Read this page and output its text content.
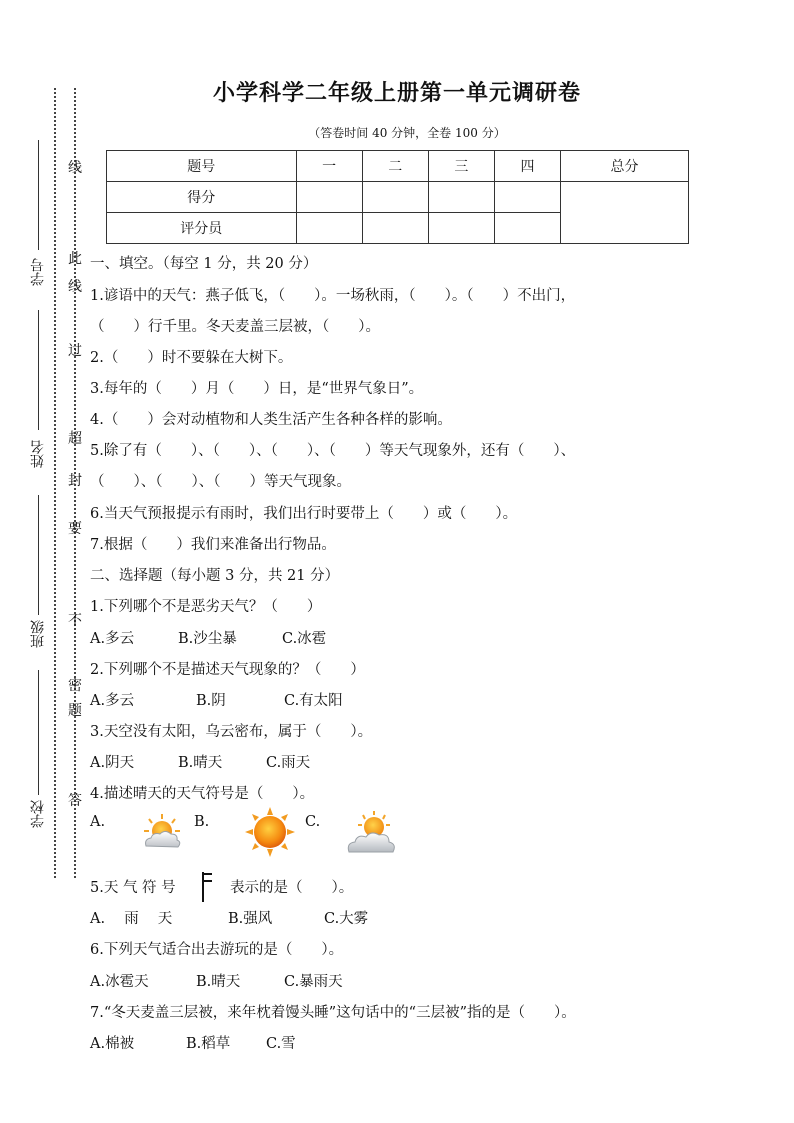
学号
姓名
班级
学校
线
此
线
过
超
封
要
不
密
题
答
小学科学二年级上册第一单元调研卷
（答卷时间 40 分钟，全卷 100 分）
题号	一	二	三	四	总分
得分					
评分员					
一、填空。（每空 1 分，共 20 分）
1.谚语中的天气：燕子低飞，（　　）。一场秋雨，（　　）。（　　）不出门，
（　　）行千里。冬天麦盖三层被，（　　）。
2.（　　）时不要躲在大树下。
3.每年的（　　）月（　　）日，是“世界气象日”。
4.（　　）会对动植物和人类生活产生各种各样的影响。
5.除了有（　　）、（　　）、（　　）、（　　）等天气现象外，还有（　　）、
（　　）、（　　）、（　　）等天气现象。
6.当天气预报提示有雨时，我们出行时要带上（　　）或（　　）。
7.根据（　　）我们来准备出行物品。
二、选择题（每小题 3 分，共 21 分）
1.下列哪个不是恶劣天气？（　　）
A.多云	B.沙尘暴	C.冰雹
2.下列哪个不是描述天气现象的？（　　）
A.多云	B.阴	C.有太阳
3.天空没有太阳，乌云密布，属于（　　）。
A.阴天	B.晴天	C.雨天
4.描述晴天的天气符号是（　　）。
A.	B.	C.
5.天 气 符 号	表示的是（　　）。
A.　 雨　 天	B.强风	C.大雾
6.下列天气适合出去游玩的是（　　）。
A.冰雹天	B.晴天	C.暴雨天
7.“冬天麦盖三层被，来年枕着馒头睡”这句话中的“三层被”指的是（　　）。
A.棉被	B.稻草 C.雪
